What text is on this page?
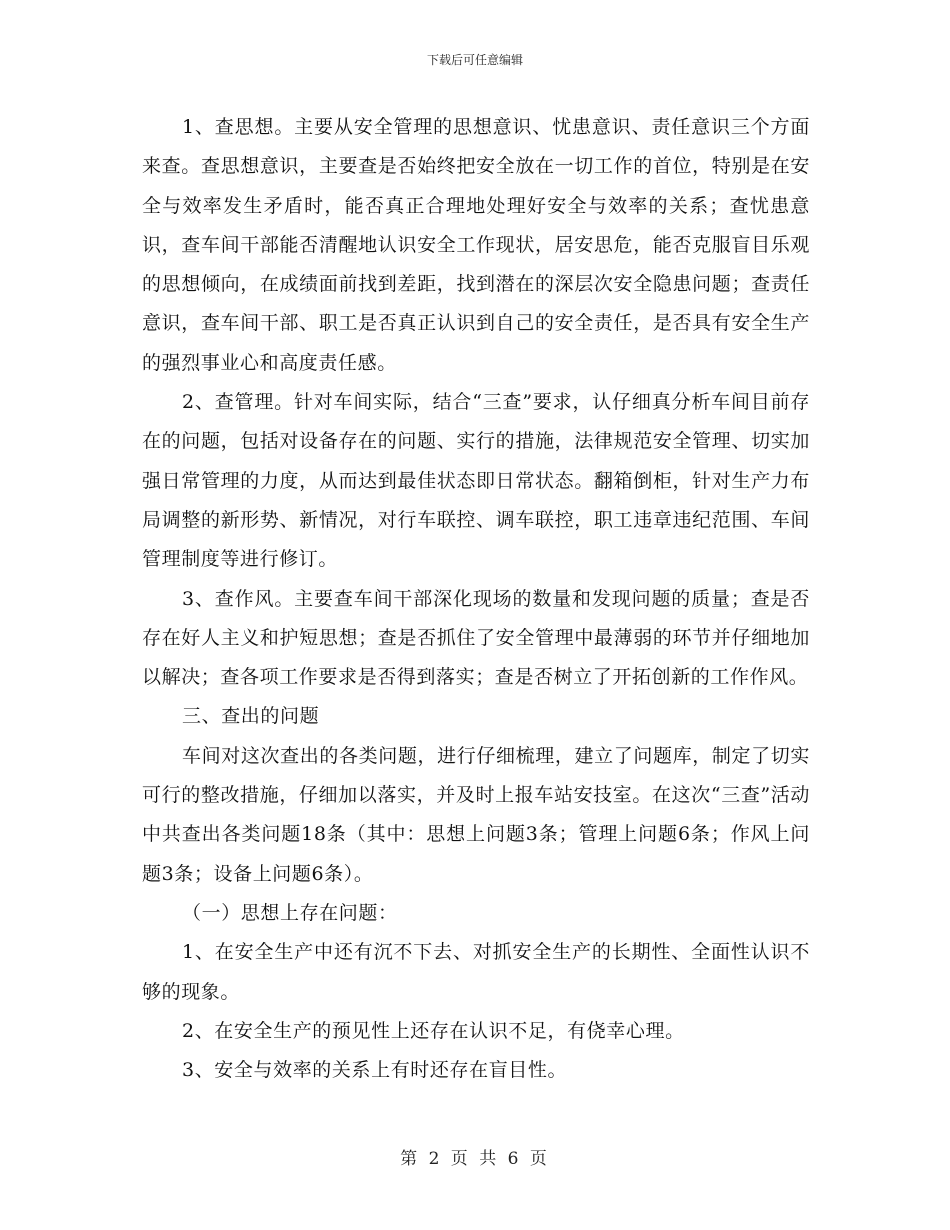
下载后可任意编辑

1、查思想。主要从安全管理的思想意识、忧患意识、责任意识三个方面来查。查思想意识，主要查是否始终把安全放在一切工作的首位，特别是在安全与效率发生矛盾时，能否真正合理地处理好安全与效率的关系；查忧患意识，查车间干部能否清醒地认识安全工作现状，居安思危，能否克服盲目乐观的思想倾向，在成绩面前找到差距，找到潜在的深层次安全隐患问题；查责任意识，查车间干部、职工是否真正认识到自己的安全责任，是否具有安全生产的强烈事业心和高度责任感。

2、查管理。针对车间实际，结合“三查”要求，认仔细真分析车间目前存在的问题，包括对设备存在的问题、实行的措施，法律规范安全管理、切实加强日常管理的力度，从而达到最佳状态即日常状态。翻箱倒柜，针对生产力布局调整的新形势、新情况，对行车联控、调车联控，职工违章违纪范围、车间管理制度等进行修订。

3、查作风。主要查车间干部深化现场的数量和发现问题的质量；查是否存在好人主义和护短思想；查是否抓住了安全管理中最薄弱的环节并仔细地加以解决；查各项工作要求是否得到落实；查是否树立了开拓创新的工作作风。

三、查出的问题

车间对这次查出的各类问题，进行仔细梳理，建立了问题库，制定了切实可行的整改措施，仔细加以落实，并及时上报车站安技室。在这次“三查”活动中共查出各类问题18条（其中：思想上问题3条；管理上问题6条；作风上问题3条；设备上问题6条）。

（一）思想上存在问题：

1、在安全生产中还有沉不下去、对抓安全生产的长期性、全面性认识不够的现象。

2、在安全生产的预见性上还存在认识不足，有侥幸心理。

3、安全与效率的关系上有时还存在盲目性。

第 2 页 共 6 页
